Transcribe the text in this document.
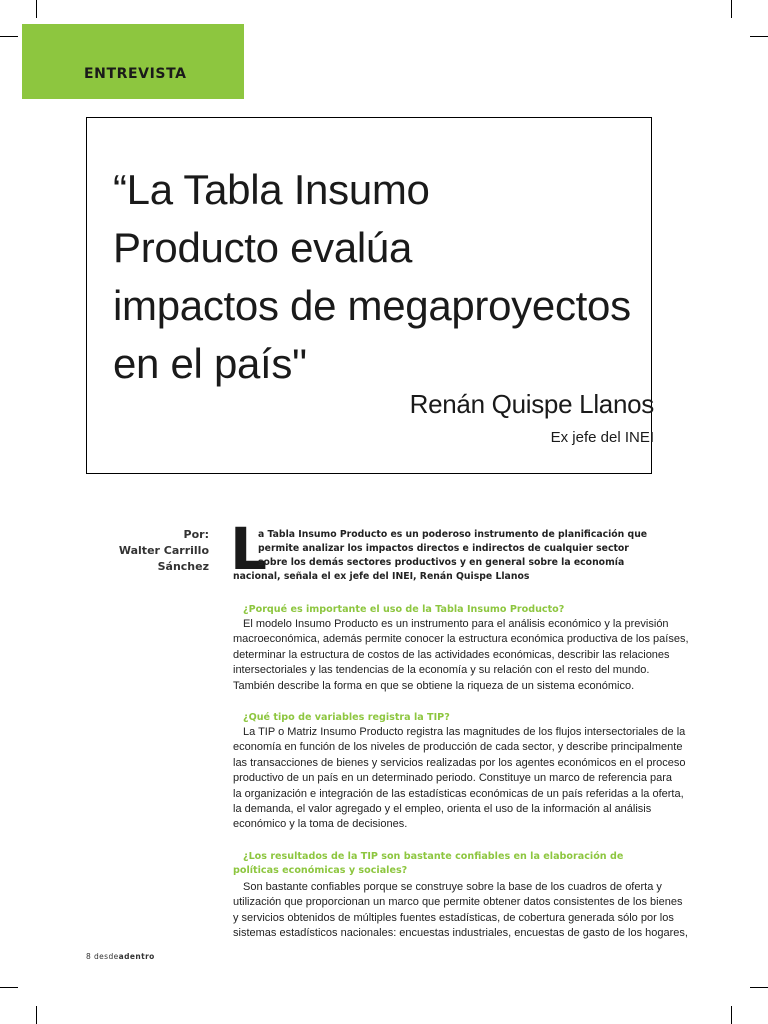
ENTREVISTA
“La Tabla Insumo
Producto evalúa
impactos de megaproyectos
en el país"
Renán Quispe Llanos

Ex jefe del INEI

Por:
Walter Carrillo
Sánchez L

a Tabla Insumo Producto es un poderoso instrumento de planificación que
permite analizar los impactos directos e indirectos de cualquier sector
sobre los demás sectores productivos y en general sobre la economía
nacional, señala el ex jefe del INEI, Renán Quispe Llanos

¿Porqué es importante el uso de la Tabla Insumo Producto?

El modelo Insumo Producto es un instrumento para el análisis económico y la previsión
macroeconómica, además permite conocer la estructura económica productiva de los países,
determinar la estructura de costos de las actividades económicas, describir las relaciones
intersectoriales y las tendencias de la economía y su relación con el resto del mundo.
También describe la forma en que se obtiene la riqueza de un sistema económico.

¿Qué tipo de variables registra la TIP?

La TIP o Matriz Insumo Producto registra las magnitudes de los flujos intersectoriales de la
economía en función de los niveles de producción de cada sector, y describe principalmente
las transacciones de bienes y servicios realizadas por los agentes económicos en el proceso
productivo de un país en un determinado periodo. Constituye un marco de referencia para
la organización e integración de las estadísticas económicas de un país referidas a la oferta,
la demanda, el valor agregado y el empleo, orienta el uso de la información al análisis
económico y la toma de decisiones.

¿Los resultados de la TIP son bastante confiables en la elaboración de
políticas económicas y sociales?

Son bastante confiables porque se construye sobre la base de los cuadros de oferta y
utilización que proporcionan un marco que permite obtener datos consistentes de los bienes
y servicios obtenidos de múltiples fuentes estadísticas, de cobertura generada sólo por los
sistemas estadísticos nacionales: encuestas industriales, encuestas de gasto de los hogares,

8 desdeadentro
